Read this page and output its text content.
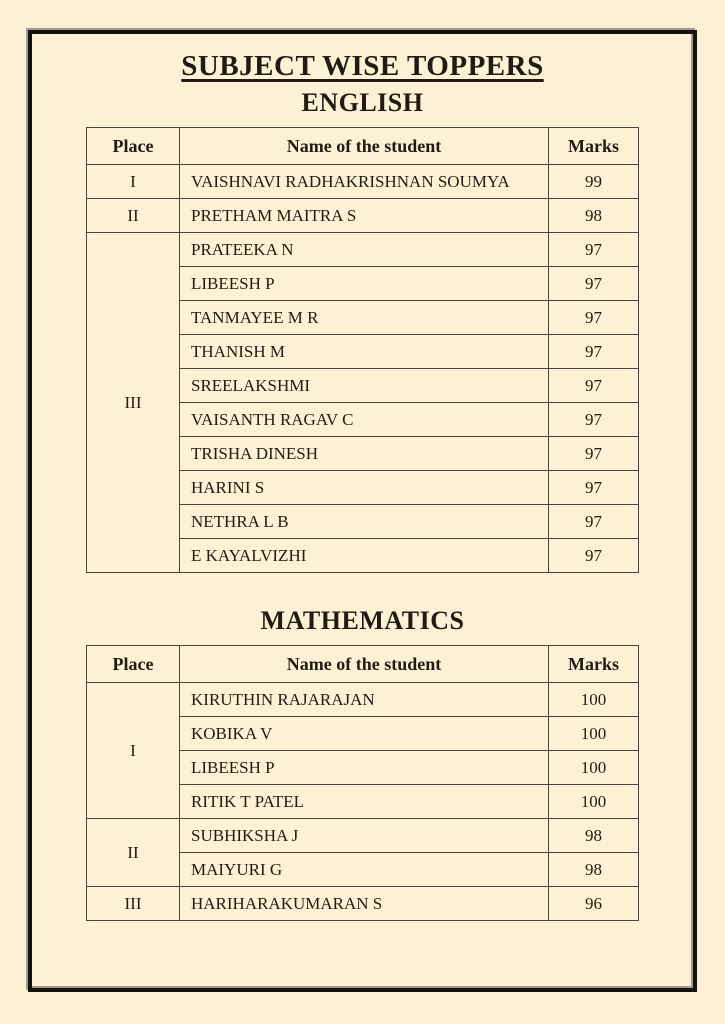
SUBJECT WISE TOPPERS
ENGLISH
Place	Name of the student	Marks
I	VAISHNAVI RADHAKRISHNAN SOUMYA	99
II	PRETHAM MAITRA S	98
III	PRATEEKA N	97
	LIBEESH P	97
	TANMAYEE M R	97
	THANISH M	97
	SREELAKSHMI	97
	VAISANTH RAGAV C	97
	TRISHA DINESH	97
	HARINI S	97
	NETHRA L B	97
	E KAYALVIZHI	97
MATHEMATICS
Place	Name of the student	Marks
I	KIRUTHIN RAJARAJAN	100
	KOBIKA V	100
	LIBEESH P	100
	RITIK T PATEL	100
II	SUBHIKSHA J	98
	MAIYURI G	98
III	HARIHARAKUMARAN S	96
